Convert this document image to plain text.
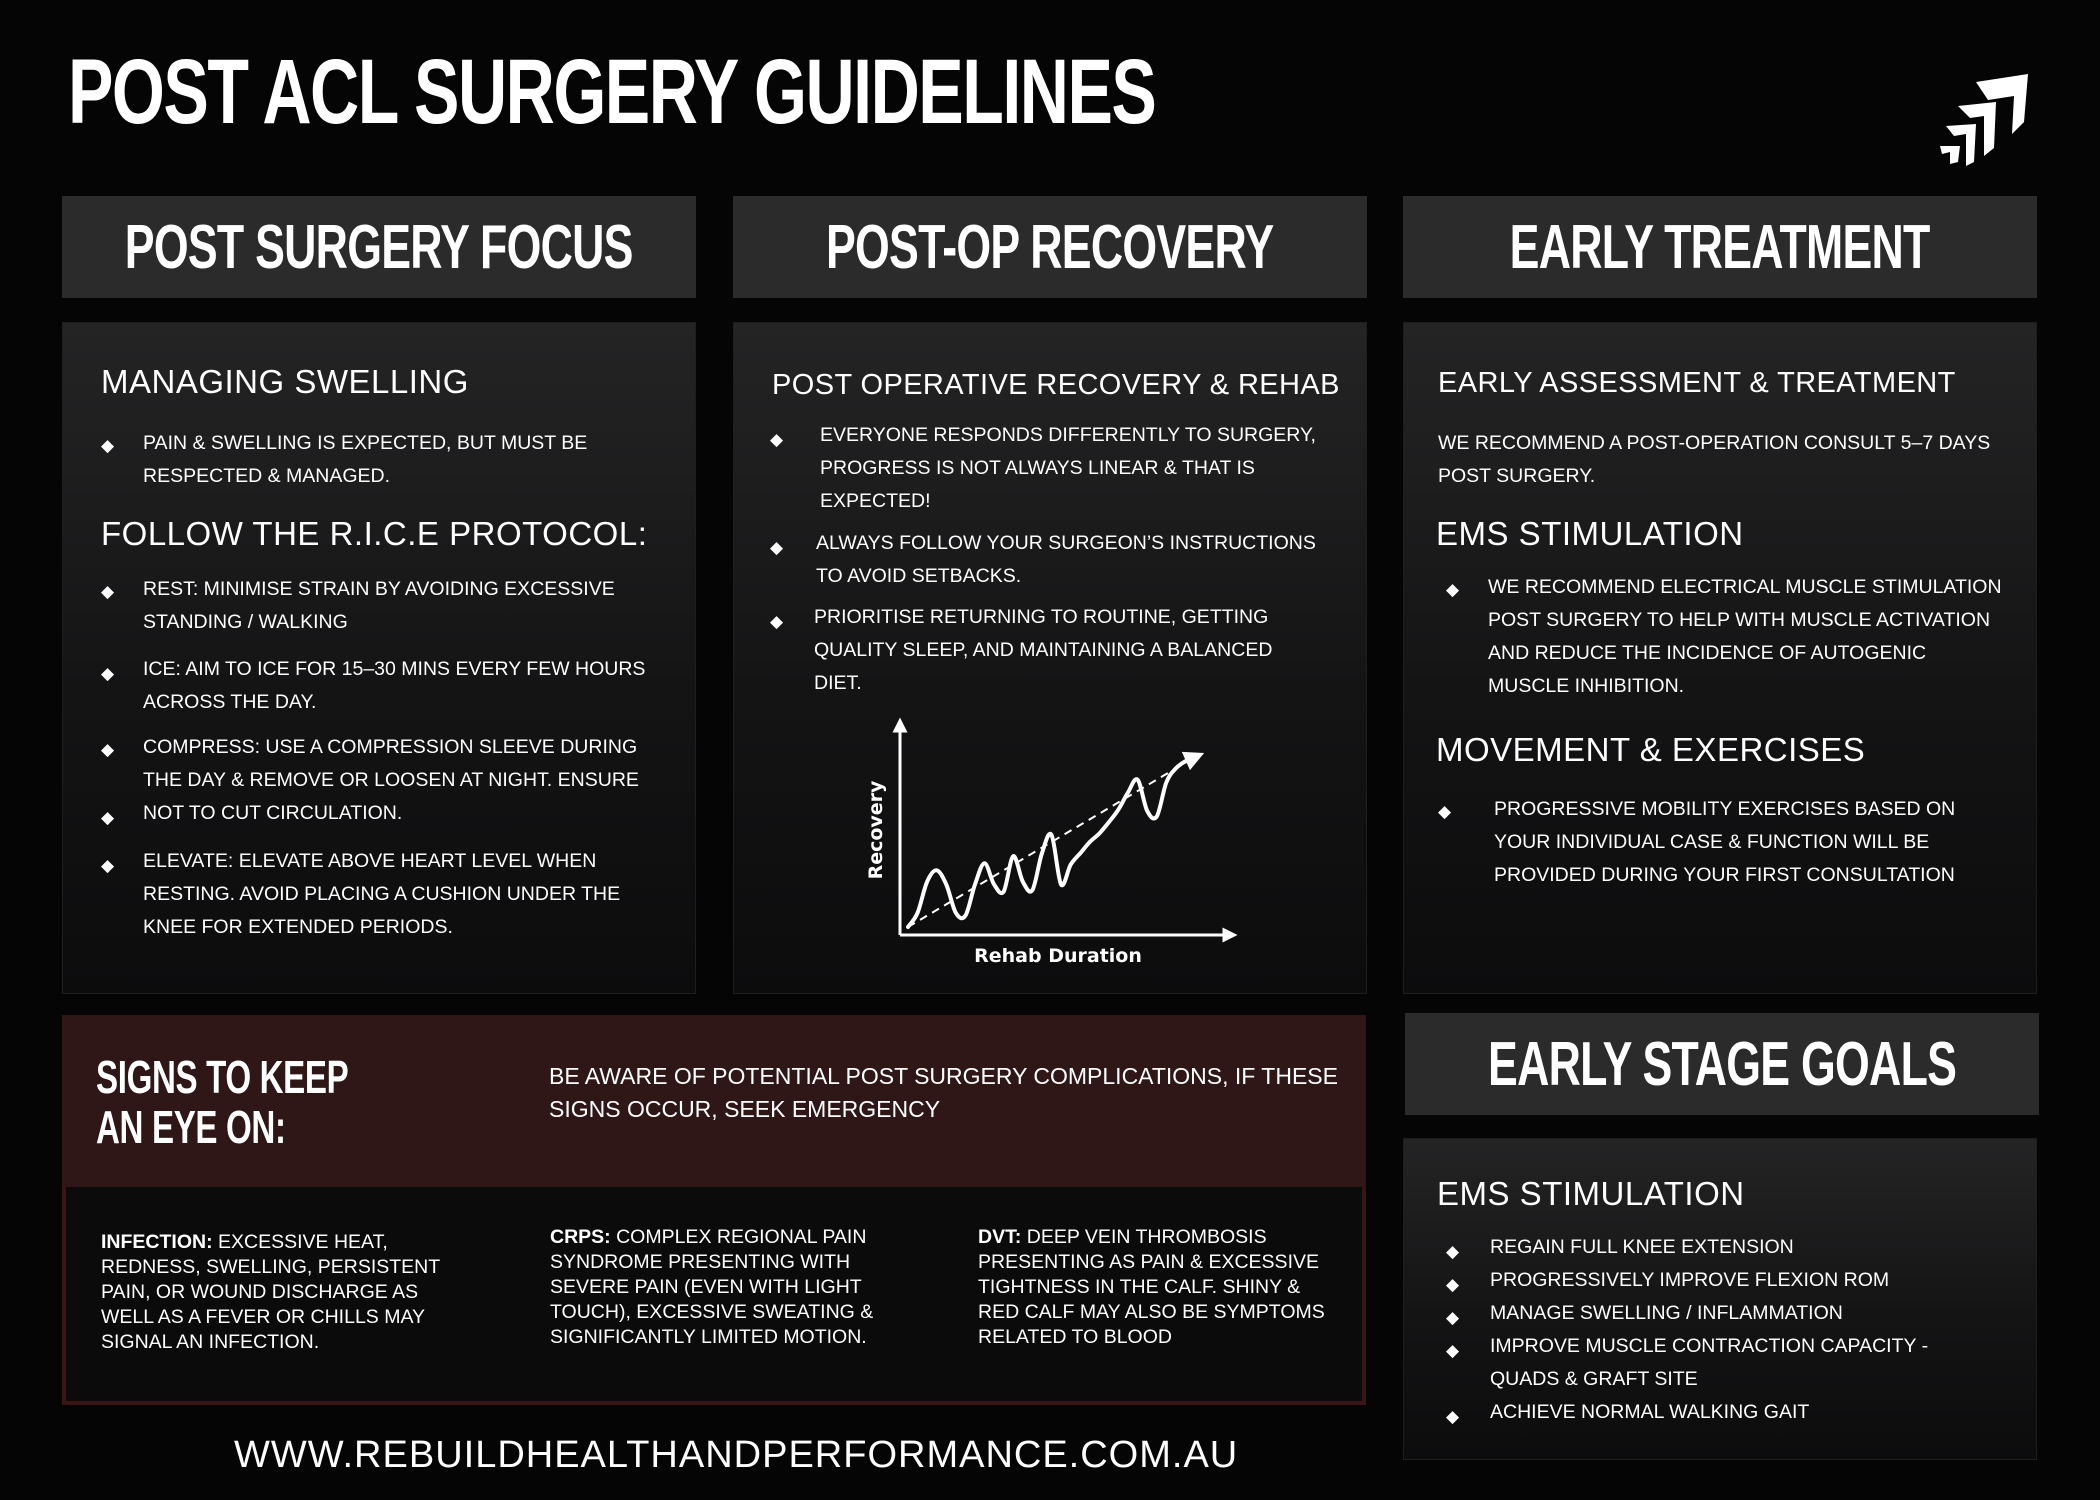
POST ACL SURGERY GUIDELINES
POST SURGERY FOCUS	POST-OP RECOVERY	EARLY TREATMENT
MANAGING SWELLING
◆ PAIN & SWELLING IS EXPECTED, BUT MUST BE RESPECTED & MANAGED.
FOLLOW THE R.I.C.E PROTOCOL:
◆ REST: MINIMISE STRAIN BY AVOIDING EXCESSIVE STANDING / WALKING
◆ ICE: AIM TO ICE FOR 15–30 MINS EVERY FEW HOURS ACROSS THE DAY.
◆
◆
COMPRESS: USE A COMPRESSION SLEEVE DURING THE DAY & REMOVE OR LOOSEN AT NIGHT. ENSURE NOT TO CUT CIRCULATION.
◆ ELEVATE: ELEVATE ABOVE HEART LEVEL WHEN RESTING. AVOID PLACING A CUSHION UNDER THE KNEE FOR EXTENDED PERIODS.
POST OPERATIVE RECOVERY & REHAB
◆ EVERYONE RESPONDS DIFFERENTLY TO SURGERY, PROGRESS IS NOT ALWAYS LINEAR & THAT IS EXPECTED!
◆ ALWAYS FOLLOW YOUR SURGEON’S INSTRUCTIONS TO AVOID SETBACKS.
◆ PRIORITISE RETURNING TO ROUTINE, GETTING QUALITY SLEEP, AND MAINTAINING A BALANCED DIET.
Rehab Duration
Recovery
EARLY ASSESSMENT & TREATMENT
WE RECOMMEND A POST-OPERATION CONSULT 5–7 DAYS POST SURGERY.
EMS STIMULATION
◆ WE RECOMMEND ELECTRICAL MUSCLE STIMULATION POST SURGERY TO HELP WITH MUSCLE ACTIVATION AND REDUCE THE INCIDENCE OF AUTOGENIC MUSCLE INHIBITION.
MOVEMENT & EXERCISES
◆ PROGRESSIVE MOBILITY EXERCISES BASED ON YOUR INDIVIDUAL CASE & FUNCTION WILL BE PROVIDED DURING YOUR FIRST CONSULTATION
SIGNS TO KEEP
AN EYE ON:
BE AWARE OF POTENTIAL POST SURGERY COMPLICATIONS, IF THESE SIGNS OCCUR, SEEK EMERGENCY
INFECTION: EXCESSIVE HEAT, REDNESS, SWELLING, PERSISTENT PAIN, OR WOUND DISCHARGE AS WELL AS A FEVER OR CHILLS MAY SIGNAL AN INFECTION.
CRPS: COMPLEX REGIONAL PAIN SYNDROME PRESENTING WITH SEVERE PAIN (EVEN WITH LIGHT TOUCH), EXCESSIVE SWEATING & SIGNIFICANTLY LIMITED MOTION.
DVT: DEEP VEIN THROMBOSIS PRESENTING AS PAIN & EXCESSIVE TIGHTNESS IN THE CALF. SHINY & RED CALF MAY ALSO BE SYMPTOMS RELATED TO BLOOD
EARLY STAGE GOALS
EMS STIMULATION
◆ REGAIN FULL KNEE EXTENSION
◆ PROGRESSIVELY IMPROVE FLEXION ROM
◆ MANAGE SWELLING / INFLAMMATION
◆ IMPROVE MUSCLE CONTRACTION CAPACITY - QUADS & GRAFT SITE
◆ ACHIEVE NORMAL WALKING GAIT
WWW.REBUILDHEALTHANDPERFORMANCE.COM.AU
